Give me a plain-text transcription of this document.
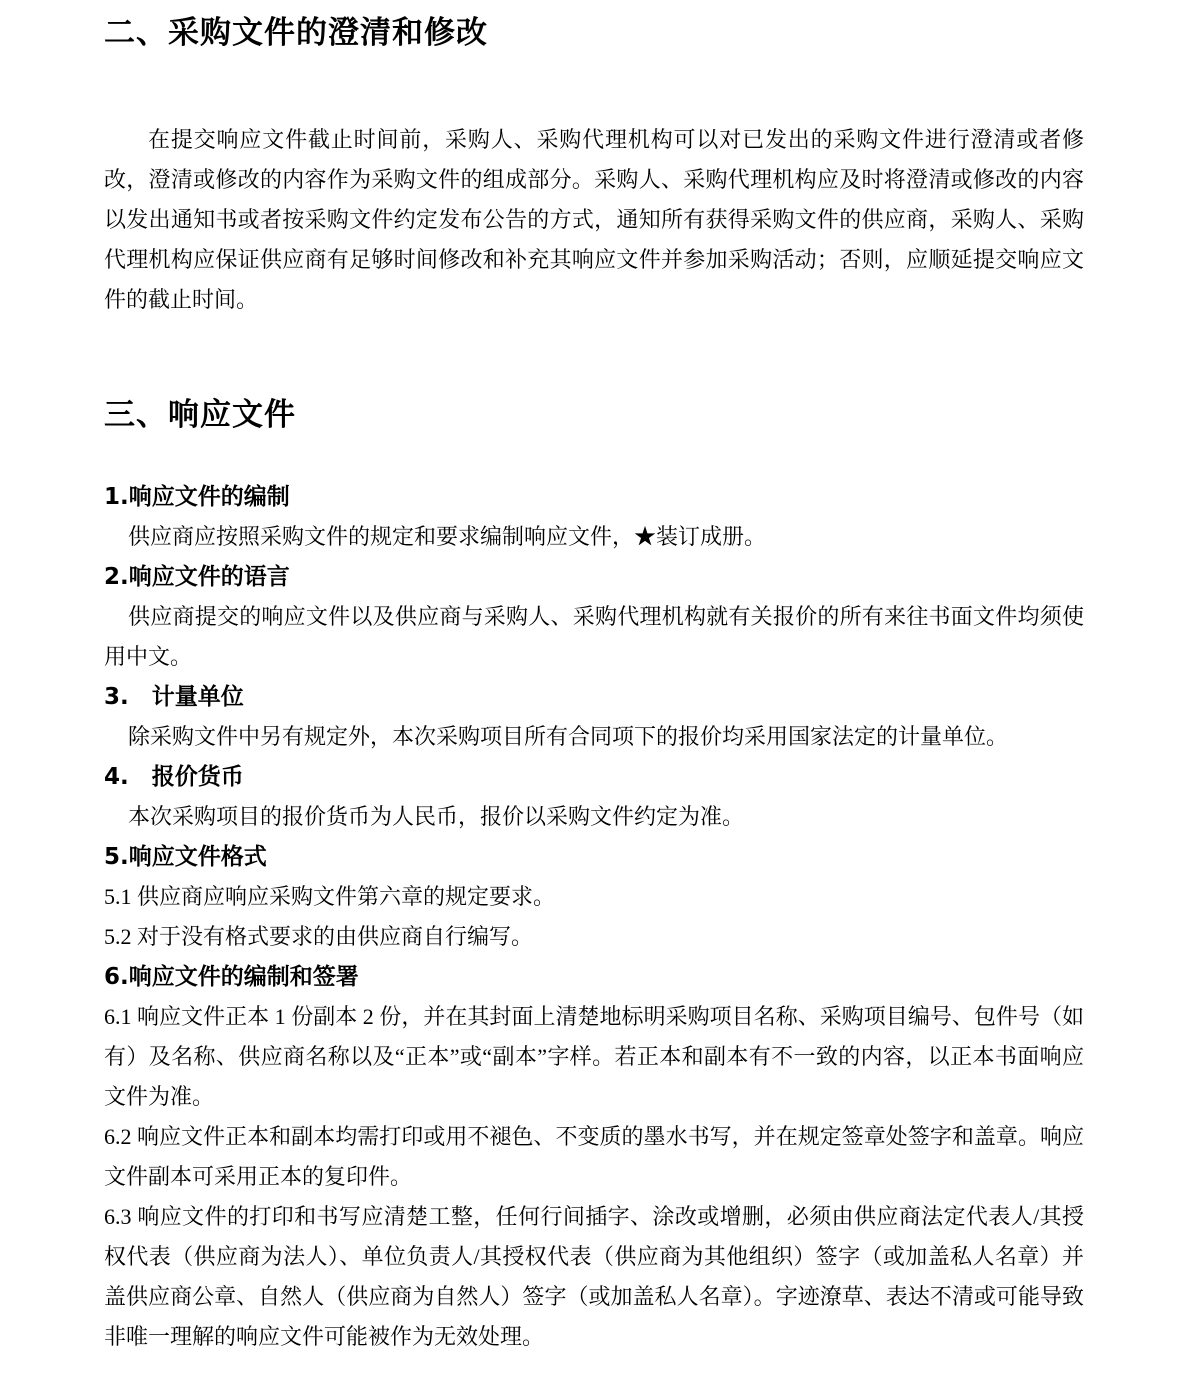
二、采购文件的澄清和修改

在提交响应文件截止时间前，采购人、采购代理机构可以对已发出的采购文件进行澄清或者修改，澄清或修改的内容作为采购文件的组成部分。采购人、采购代理机构应及时将澄清或修改的内容以发出通知书或者按采购文件约定发布公告的方式，通知所有获得采购文件的供应商，采购人、采购代理机构应保证供应商有足够时间修改和补充其响应文件并参加采购活动；否则，应顺延提交响应文件的截止时间。

三、响应文件
1.响应文件的编制

供应商应按照采购文件的规定和要求编制响应文件，★装订成册。

2.响应文件的语言

供应商提交的响应文件以及供应商与采购人、采购代理机构就有关报价的所有来往书面文件均须使用中文。

3.　计量单位

除采购文件中另有规定外，本次采购项目所有合同项下的报价均采用国家法定的计量单位。

4.　报价货币

本次采购项目的报价货币为人民币，报价以采购文件约定为准。

5.响应文件格式

5.1 供应商应响应采购文件第六章的规定要求。

5.2 对于没有格式要求的由供应商自行编写。

6.响应文件的编制和签署

6.1 响应文件正本 1 份副本 2 份，并在其封面上清楚地标明采购项目名称、采购项目编号、包件号（如有）及名称、供应商名称以及“正本”或“副本”字样。若正本和副本有不一致的内容，以正本书面响应文件为准。

6.2 响应文件正本和副本均需打印或用不褪色、不变质的墨水书写，并在规定签章处签字和盖章。响应文件副本可采用正本的复印件。

6.3 响应文件的打印和书写应清楚工整，任何行间插字、涂改或增删，必须由供应商法定代表人/其授权代表（供应商为法人）、单位负责人/其授权代表（供应商为其他组织）签字（或加盖私人名章）并盖供应商公章、自然人（供应商为自然人）签字（或加盖私人名章）。字迹潦草、表达不清或可能导致非唯一理解的响应文件可能被作为无效处理。
